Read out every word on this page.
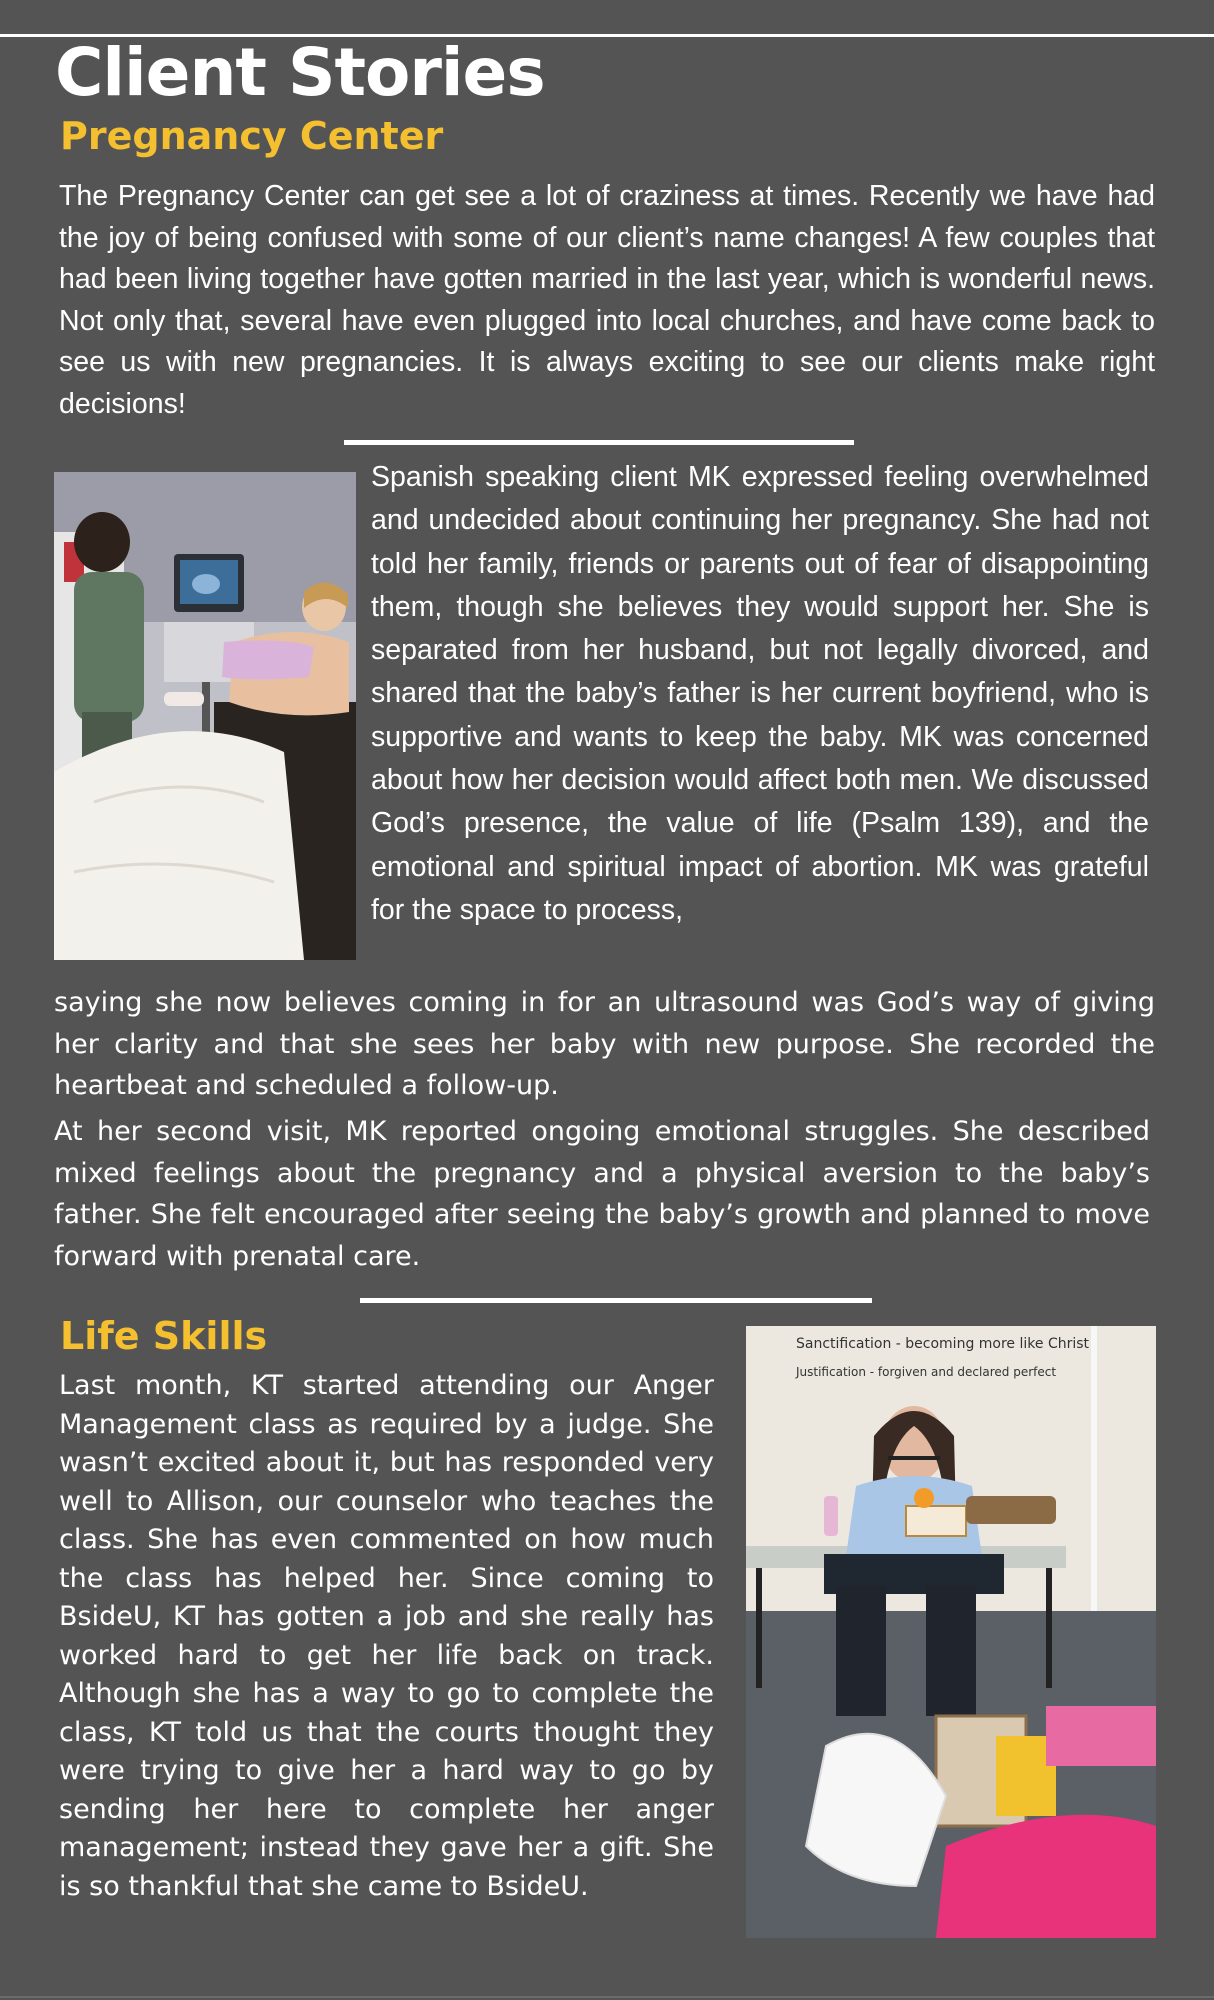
Client Stories
Pregnancy Center

The Pregnancy Center can get see a lot of craziness at times. Recently we have had the joy of being confused with some of our client’s name changes! A few couples that had been living together have gotten married in the last year, which is wonderful news. Not only that, several have even plugged into local churches, and have come back to see us with new pregnancies. It is always exciting to see our clients make right decisions!

Spanish speaking client MK expressed feeling overwhelmed and undecided about continuing her pregnancy. She had not told her family, friends or parents out of fear of disappointing them, though she believes they would support her. She is separated from her husband, but not legally divorced, and shared that the baby’s father is her current boyfriend, who is supportive and wants to keep the baby. MK was concerned about how her decision would affect both men. We discussed God’s presence, the value of life (Psalm 139), and the emotional and spiritual impact of abortion. MK was grateful for the space to process,

saying she now believes coming in for an ultrasound was God’s way of giving her clarity and that she sees her baby with new purpose. She recorded the heartbeat and scheduled a follow-up.

At her second visit, MK reported ongoing emotional struggles. She described mixed feelings about the pregnancy and a physical aversion to the baby’s father. She felt encouraged after seeing the baby’s growth and planned to move forward with prenatal care.

Life Skills

Last month, KT started attending our Anger Management class as required by a judge. She wasn’t excited about it, but has responded very well to Allison, our counselor who teaches the class. She has even commented on how much the class has helped her. Since coming to BsideU, KT has gotten a job and she really has worked hard to get her life back on track. Although she has a way to go to complete the class, KT told us that the courts thought they were trying to give her a hard way to go by sending her here to complete her anger management; instead they gave her a gift. She is so thankful that she came to BsideU.

Sanctification - becoming more like Christ
Justification - forgiven and declared perfect
